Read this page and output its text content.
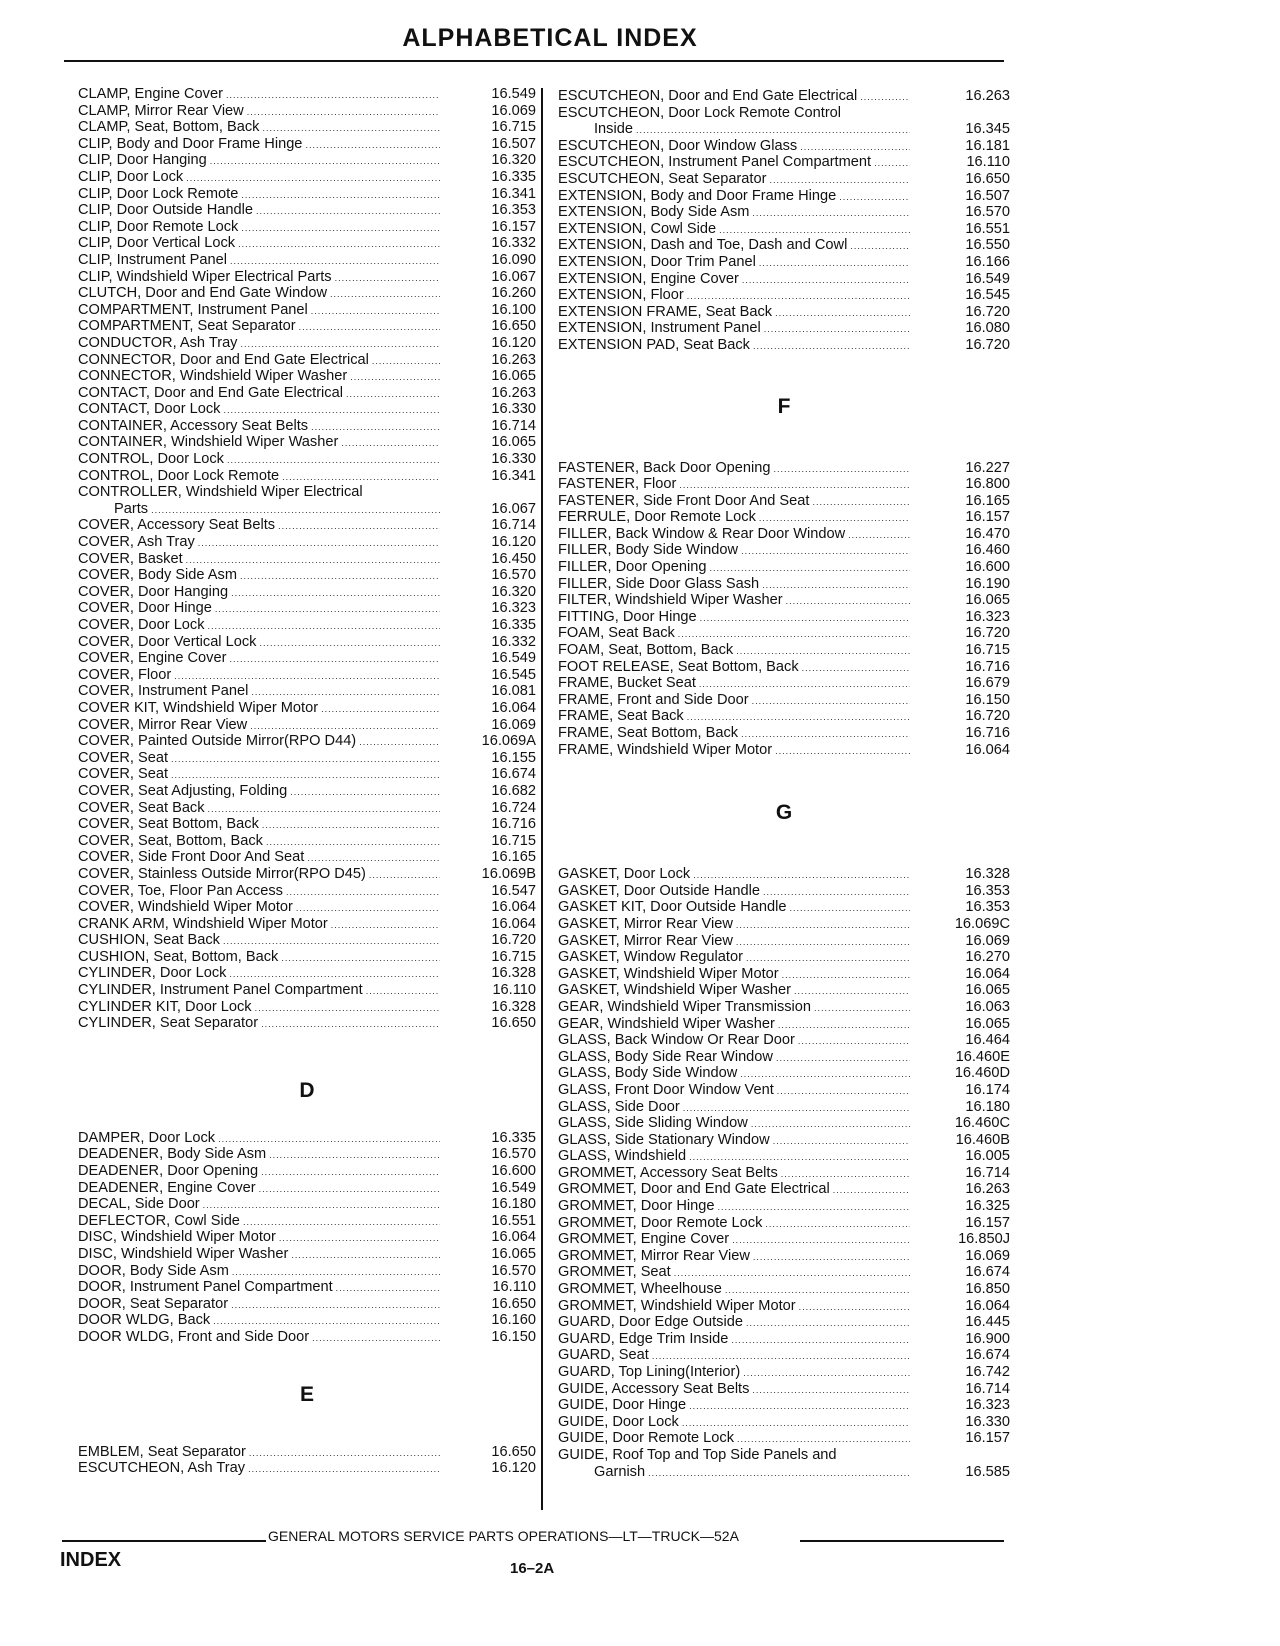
ALPHABETICAL INDEX
CLAMP, Engine Cover .....	16.549
CLAMP, Mirror Rear View .....	16.069
CLAMP, Seat, Bottom, Back .....	16.715
CLIP, Body and Door Frame Hinge .....	16.507
CLIP, Door Hanging .....	16.320
CLIP, Door Lock .....	16.335
CLIP, Door Lock Remote .....	16.341
CLIP, Door Outside Handle .....	16.353
CLIP, Door Remote Lock .....	16.157
CLIP, Door Vertical Lock .....	16.332
CLIP, Instrument Panel .....	16.090
CLIP, Windshield Wiper Electrical Parts .....	16.067
CLUTCH, Door and End Gate Window .....	16.260
COMPARTMENT, Instrument Panel .....	16.100
COMPARTMENT, Seat Separator .....	16.650
CONDUCTOR, Ash Tray .....	16.120
CONNECTOR, Door and End Gate Electrical .....	16.263
CONNECTOR, Windshield Wiper Washer .....	16.065
CONTACT, Door and End Gate Electrical .....	16.263
CONTACT, Door Lock .....	16.330
CONTAINER, Accessory Seat Belts .....	16.714
CONTAINER, Windshield Wiper Washer .....	16.065
CONTROL, Door Lock .....	16.330
CONTROL, Door Lock Remote .....	16.341
CONTROLLER, Windshield Wiper Electrical
Parts .....	16.067
COVER, Accessory Seat Belts .....	16.714
COVER, Ash Tray .....	16.120
COVER, Basket .....	16.450
COVER, Body Side Asm .....	16.570
COVER, Door Hanging .....	16.320
COVER, Door Hinge .....	16.323
COVER, Door Lock .....	16.335
COVER, Door Vertical Lock .....	16.332
COVER, Engine Cover .....	16.549
COVER, Floor .....	16.545
COVER, Instrument Panel .....	16.081
COVER KIT, Windshield Wiper Motor .....	16.064
COVER, Mirror Rear View .....	16.069
COVER, Painted Outside Mirror(RPO D44) .....	16.069A
COVER, Seat .....	16.155
COVER, Seat .....	16.674
COVER, Seat Adjusting, Folding .....	16.682
COVER, Seat Back .....	16.724
COVER, Seat Bottom, Back .....	16.716
COVER, Seat, Bottom, Back .....	16.715
COVER, Side Front Door And Seat .....	16.165
COVER, Stainless Outside Mirror(RPO D45) .....	16.069B
COVER, Toe, Floor Pan Access .....	16.547
COVER, Windshield Wiper Motor .....	16.064
CRANK ARM, Windshield Wiper Motor .....	16.064
CUSHION, Seat Back .....	16.720
CUSHION, Seat, Bottom, Back .....	16.715
CYLINDER, Door Lock .....	16.328
CYLINDER, Instrument Panel Compartment .....	16.110
CYLINDER KIT, Door Lock .....	16.328
CYLINDER, Seat Separator .....	16.650
D
DAMPER, Door Lock .....	16.335
DEADENER, Body Side Asm .....	16.570
DEADENER, Door Opening .....	16.600
DEADENER, Engine Cover .....	16.549
DECAL, Side Door .....	16.180
DEFLECTOR, Cowl Side .....	16.551
DISC, Windshield Wiper Motor .....	16.064
DISC, Windshield Wiper Washer .....	16.065
DOOR, Body Side Asm .....	16.570
DOOR, Instrument Panel Compartment .....	16.110
DOOR, Seat Separator .....	16.650
DOOR WLDG, Back .....	16.160
DOOR WLDG, Front and Side Door .....	16.150
E
EMBLEM, Seat Separator .....	16.650
ESCUTCHEON, Ash Tray .....	16.120
ESCUTCHEON, Door and End Gate Electrical .....	16.263
ESCUTCHEON, Door Lock Remote Control
Inside .....	16.345
ESCUTCHEON, Door Window Glass .....	16.181
ESCUTCHEON, Instrument Panel Compartment .....	16.110
ESCUTCHEON, Seat Separator .....	16.650
EXTENSION, Body and Door Frame Hinge .....	16.507
EXTENSION, Body Side Asm .....	16.570
EXTENSION, Cowl Side .....	16.551
EXTENSION, Dash and Toe, Dash and Cowl .....	16.550
EXTENSION, Door Trim Panel .....	16.166
EXTENSION, Engine Cover .....	16.549
EXTENSION, Floor .....	16.545
EXTENSION FRAME, Seat Back .....	16.720
EXTENSION, Instrument Panel .....	16.080
EXTENSION PAD, Seat Back .....	16.720
F
FASTENER, Back Door Opening .....	16.227
FASTENER, Floor .....	16.800
FASTENER, Side Front Door And Seat .....	16.165
FERRULE, Door Remote Lock .....	16.157
FILLER, Back Window & Rear Door Window .....	16.470
FILLER, Body Side Window .....	16.460
FILLER, Door Opening .....	16.600
FILLER, Side Door Glass Sash .....	16.190
FILTER, Windshield Wiper Washer .....	16.065
FITTING, Door Hinge .....	16.323
FOAM, Seat Back .....	16.720
FOAM, Seat, Bottom, Back .....	16.715
FOOT RELEASE, Seat Bottom, Back .....	16.716
FRAME, Bucket Seat .....	16.679
FRAME, Front and Side Door .....	16.150
FRAME, Seat Back .....	16.720
FRAME, Seat Bottom, Back .....	16.716
FRAME, Windshield Wiper Motor .....	16.064
G
GASKET, Door Lock .....	16.328
GASKET, Door Outside Handle .....	16.353
GASKET KIT, Door Outside Handle .....	16.353
GASKET, Mirror Rear View .....	16.069C
GASKET, Mirror Rear View .....	16.069
GASKET, Window Regulator .....	16.270
GASKET, Windshield Wiper Motor .....	16.064
GASKET, Windshield Wiper Washer .....	16.065
GEAR, Windshield Wiper Transmission .....	16.063
GEAR, Windshield Wiper Washer .....	16.065
GLASS, Back Window Or Rear Door .....	16.464
GLASS, Body Side Rear Window .....	16.460E
GLASS, Body Side Window .....	16.460D
GLASS, Front Door Window Vent .....	16.174
GLASS, Side Door .....	16.180
GLASS, Side Sliding Window .....	16.460C
GLASS, Side Stationary Window .....	16.460B
GLASS, Windshield .....	16.005
GROMMET, Accessory Seat Belts .....	16.714
GROMMET, Door and End Gate Electrical .....	16.263
GROMMET, Door Hinge .....	16.325
GROMMET, Door Remote Lock .....	16.157
GROMMET, Engine Cover .....	16.850J
GROMMET, Mirror Rear View .....	16.069
GROMMET, Seat .....	16.674
GROMMET, Wheelhouse .....	16.850
GROMMET, Windshield Wiper Motor .....	16.064
GUARD, Door Edge Outside .....	16.445
GUARD, Edge Trim Inside .....	16.900
GUARD, Seat .....	16.674
GUARD, Top Lining(Interior) .....	16.742
GUIDE, Accessory Seat Belts .....	16.714
GUIDE, Door Hinge .....	16.323
GUIDE, Door Lock .....	16.330
GUIDE, Door Remote Lock .....	16.157
GUIDE, Roof Top and Top Side Panels and
Garnish .....	16.585
GENERAL MOTORS SERVICE PARTS OPERATIONS—LT—TRUCK—52A
INDEX	16–2A
